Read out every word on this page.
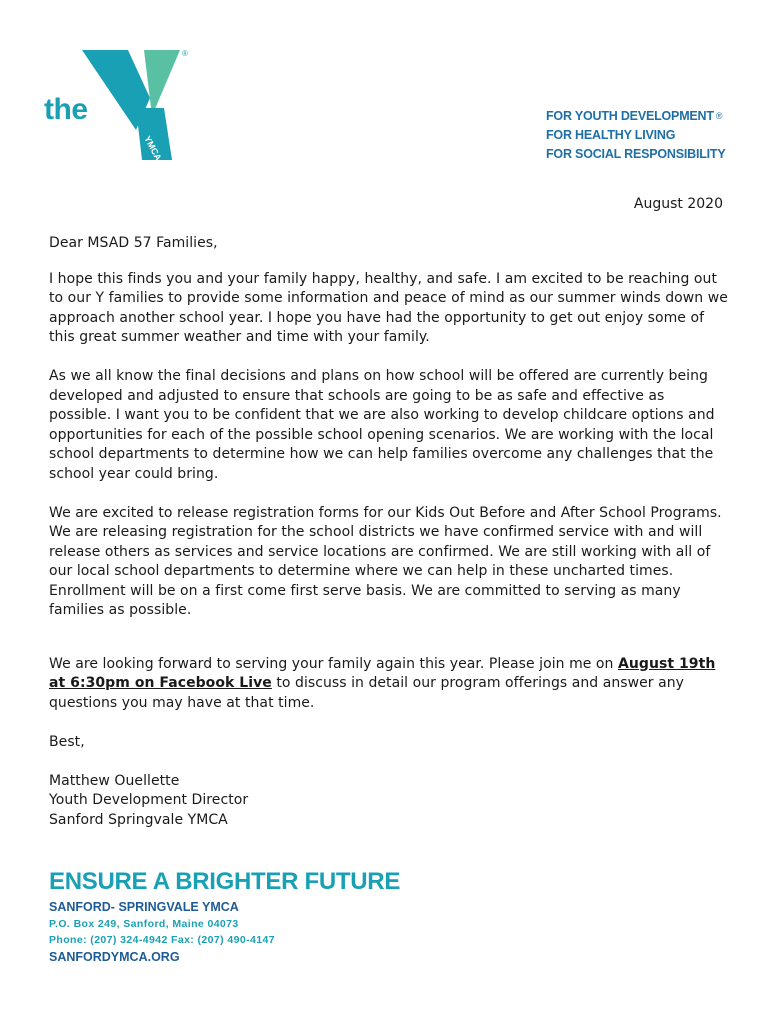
YMCA
®
the	FOR YOUTH DEVELOPMENT ®
FOR HEALTHY LIVING
FOR SOCIAL RESPONSIBILITY
August 2020

Dear MSAD 57 Families,

I hope this finds you and your family happy, healthy, and safe. I am excited to be reaching out to our Y families to provide some information and peace of mind as our summer winds down we approach another school year. I hope you have had the opportunity to get out enjoy some of this great summer weather and time with your family.

As we all know the final decisions and plans on how school will be offered are currently being developed and adjusted to ensure that schools are going to be as safe and effective as possible. I want you to be confident that we are also working to develop childcare options and opportunities for each of the possible school opening scenarios. We are working with the local school departments to determine how we can help families overcome any challenges that the school year could bring.

We are excited to release registration forms for our Kids Out Before and After School Programs. We are releasing registration for the school districts we have confirmed service with and will release others as services and service locations are confirmed. We are still working with all of our local school departments to determine where we can help in these uncharted times. Enrollment will be on a first come first serve basis. We are committed to serving as many families as possible.

We are looking forward to serving your family again this year. Please join me on August 19th at 6:30pm on Facebook Live to discuss in detail our program offerings and answer any questions you may have at that time.

Best,

Matthew Ouellette
Youth Development Director
Sanford Springvale YMCA

ENSURE A BRIGHTER FUTURE
SANFORD- SPRINGVALE YMCA
P.O. Box 249, Sanford, Maine 04073
Phone: (207) 324-4942 Fax: (207) 490-4147
SANFORDYMCA.ORG
